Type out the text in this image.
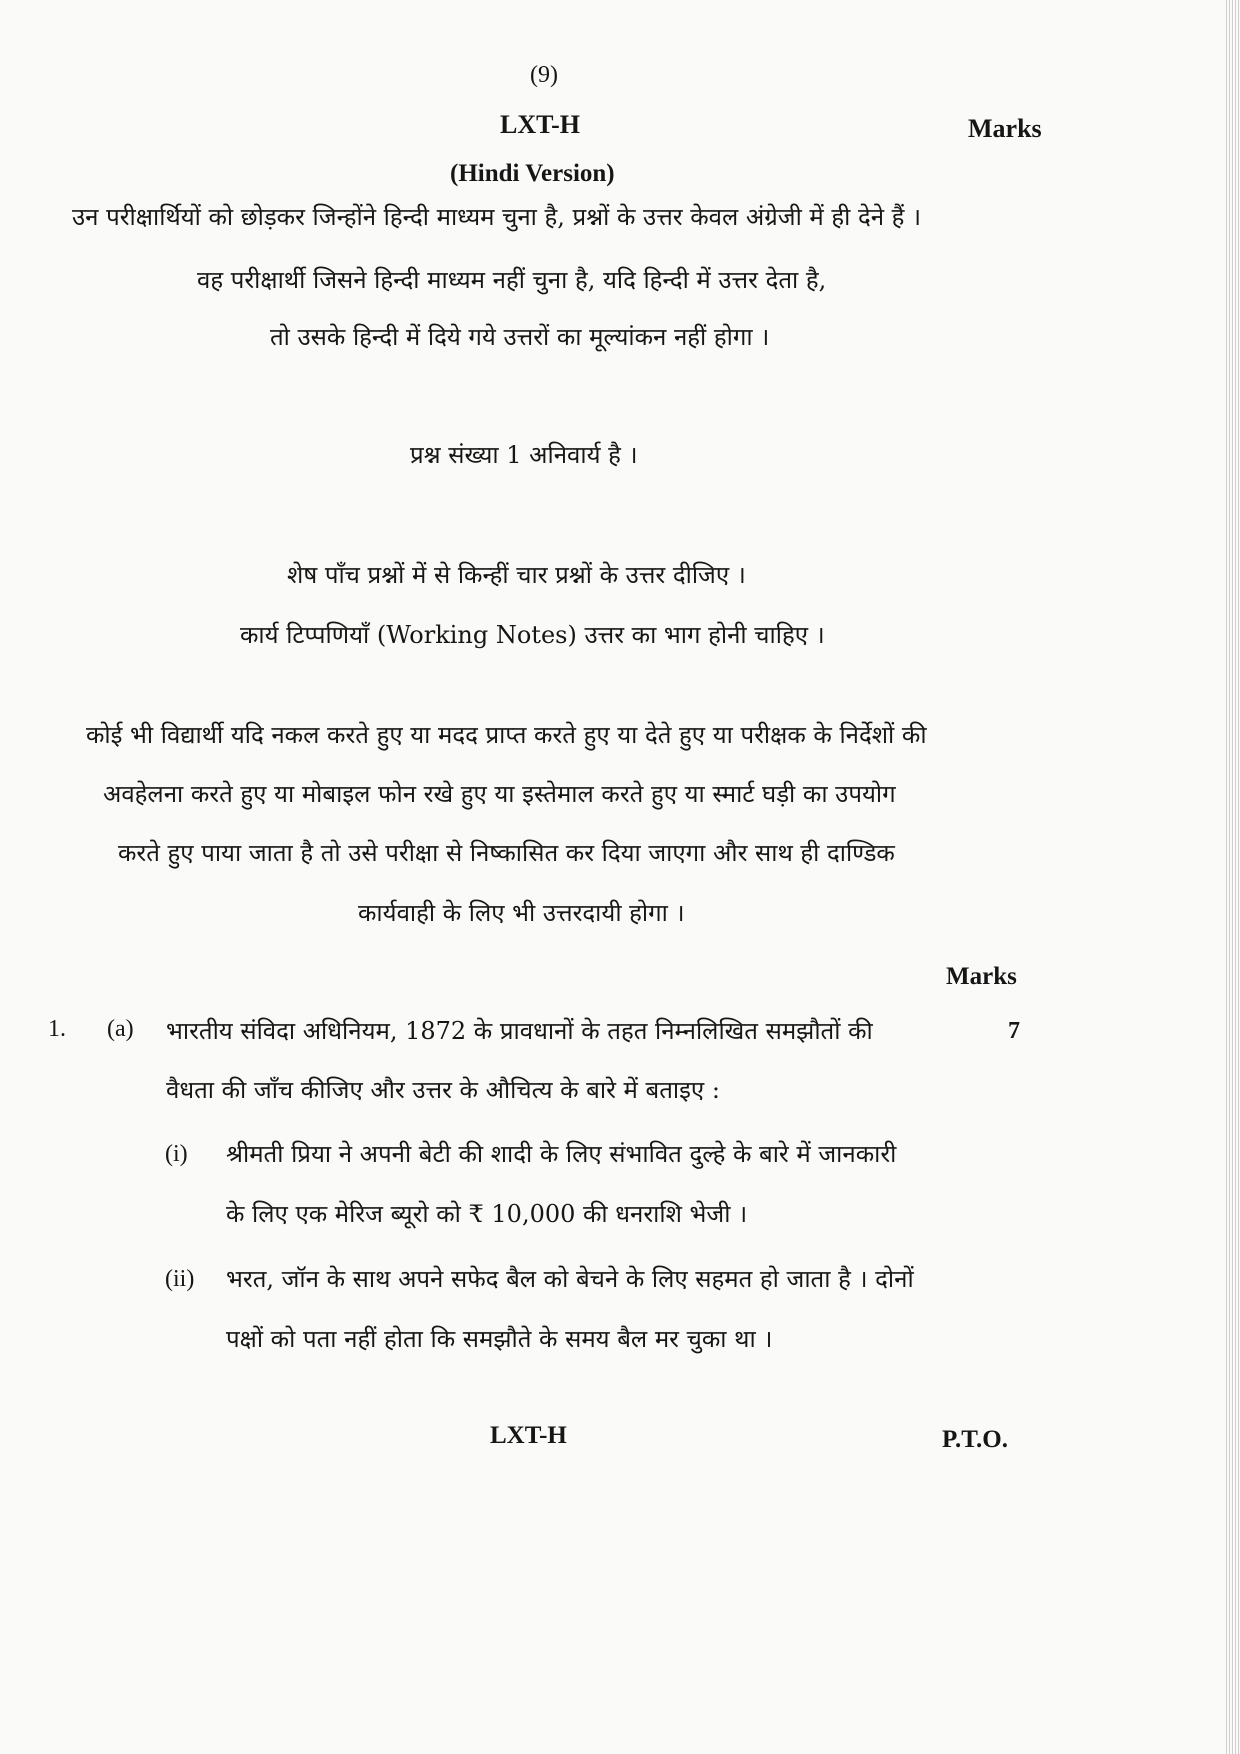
(9)

LXT-H	Marks

(Hindi Version)

उन परीक्षार्थियों को छोड़कर जिन्होंने हिन्दी माध्यम चुना है, प्रश्नों के उत्तर केवल अंग्रेजी में ही देने हैं ।

वह परीक्षार्थी जिसने हिन्दी माध्यम नहीं चुना है, यदि हिन्दी में उत्तर देता है,

तो उसके हिन्दी में दिये गये उत्तरों का मूल्यांकन नहीं होगा ।

प्रश्न संख्या 1 अनिवार्य है ।

शेष पाँच प्रश्नों में से किन्हीं चार प्रश्नों के उत्तर दीजिए ।

कार्य टिप्पणियाँ (Working Notes) उत्तर का भाग होनी चाहिए ।

कोई भी विद्यार्थी यदि नकल करते हुए या मदद प्राप्त करते हुए या देते हुए या परीक्षक के निर्देशों की

अवहेलना करते हुए या मोबाइल फोन रखे हुए या इस्तेमाल करते हुए या स्मार्ट घड़ी का उपयोग

करते हुए पाया जाता है तो उसे परीक्षा से निष्कासित कर दिया जाएगा और साथ ही दाण्डिक

कार्यवाही के लिए भी उत्तरदायी होगा ।

Marks

1. (a) भारतीय संविदा अधिनियम, 1872 के प्रावधानों के तहत निम्नलिखित समझौतों की	7

वैधता की जाँच कीजिए और उत्तर के औचित्य के बारे में बताइए :

(i) श्रीमती प्रिया ने अपनी बेटी की शादी के लिए संभावित दुल्हे के बारे में जानकारी

के लिए एक मेरिज ब्यूरो को ₹ 10,000 की धनराशि भेजी ।

(ii) भरत, जॉन के साथ अपने सफेद बैल को बेचने के लिए सहमत हो जाता है । दोनों

पक्षों को पता नहीं होता कि समझौते के समय बैल मर चुका था ।

LXT-H	P.T.O.
